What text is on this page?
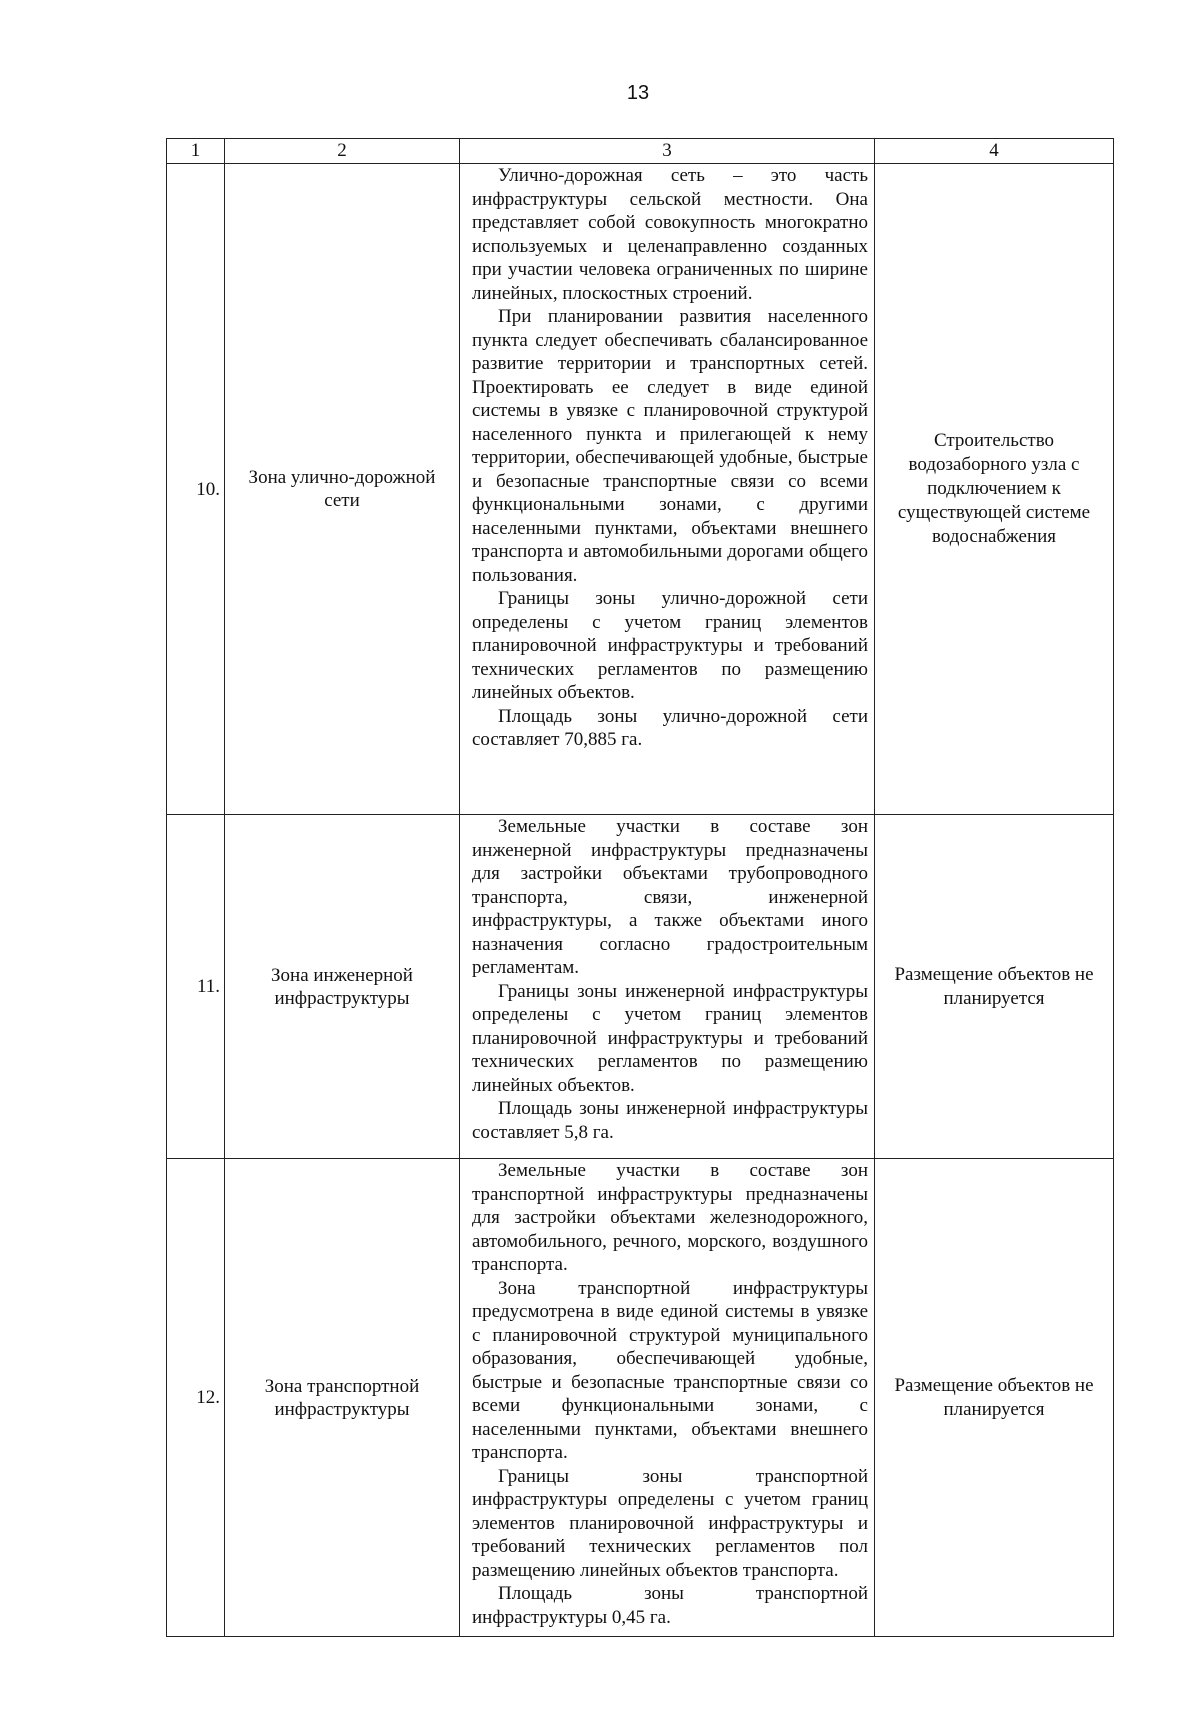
13
1	2	3	4
10.	Зона улично-дорожной сети	Улично-дорожная сеть – это часть инфраструктуры сельской местности. Она представляет собой совокупность многократно используемых и целенаправленно созданных при участии человека ограниченных по ширине линейных, плоскостных строений.

При планировании развития населенного пункта следует обеспечивать сбалансированное развитие территории и транспортных сетей. Проектировать ее следует в виде единой системы в увязке с планировочной структурой населенного пункта и прилегающей к нему территории, обеспечивающей удобные, быстрые и безопасные транспортные связи со всеми функциональными зонами, с другими населенными пунктами, объектами внешнего транспорта и автомобильными дорогами общего пользования.

Границы зоны улично-дорожной сети определены с учетом границ элементов планировочной инфраструктуры и требований технических регламентов по размещению линейных объектов.

Площадь зоны улично-дорожной сети составляет 70,885 га.	Строительство водозаборного узла с подключением к существующей системе водоснабжения
11.	Зона инженерной инфраструктуры	Земельные участки в составе зон инженерной инфраструктуры предназначены для застройки объектами трубопроводного транспорта, связи, инженерной инфраструктуры, а также объектами иного назначения согласно градостроительным регламентам.

Границы зоны инженерной инфраструктуры определены с учетом границ элементов планировочной инфраструктуры и требований технических регламентов по размещению линейных объектов.

Площадь зоны инженерной инфраструктуры составляет 5,8 га.	Размещение объектов не планируется
12.	Зона транспортной инфраструктуры	Земельные участки в составе зон транспортной инфраструктуры предназначены для застройки объектами железнодорожного, автомобильного, речного, морского, воздушного транспорта.

Зона транспортной инфраструктуры предусмотрена в виде единой системы в увязке с планировочной структурой муниципального образования, обеспечивающей удобные, быстрые и безопасные транспортные связи со всеми функциональными зонами, с населенными пунктами, объектами внешнего транспорта.

Границы зоны транспортной инфраструктуры определены с учетом границ элементов планировочной инфраструктуры и требований технических регламентов пол размещению линейных объектов транспорта.

Площадь зоны транспортной инфраструктуры 0,45 га.	Размещение объектов не планируется
